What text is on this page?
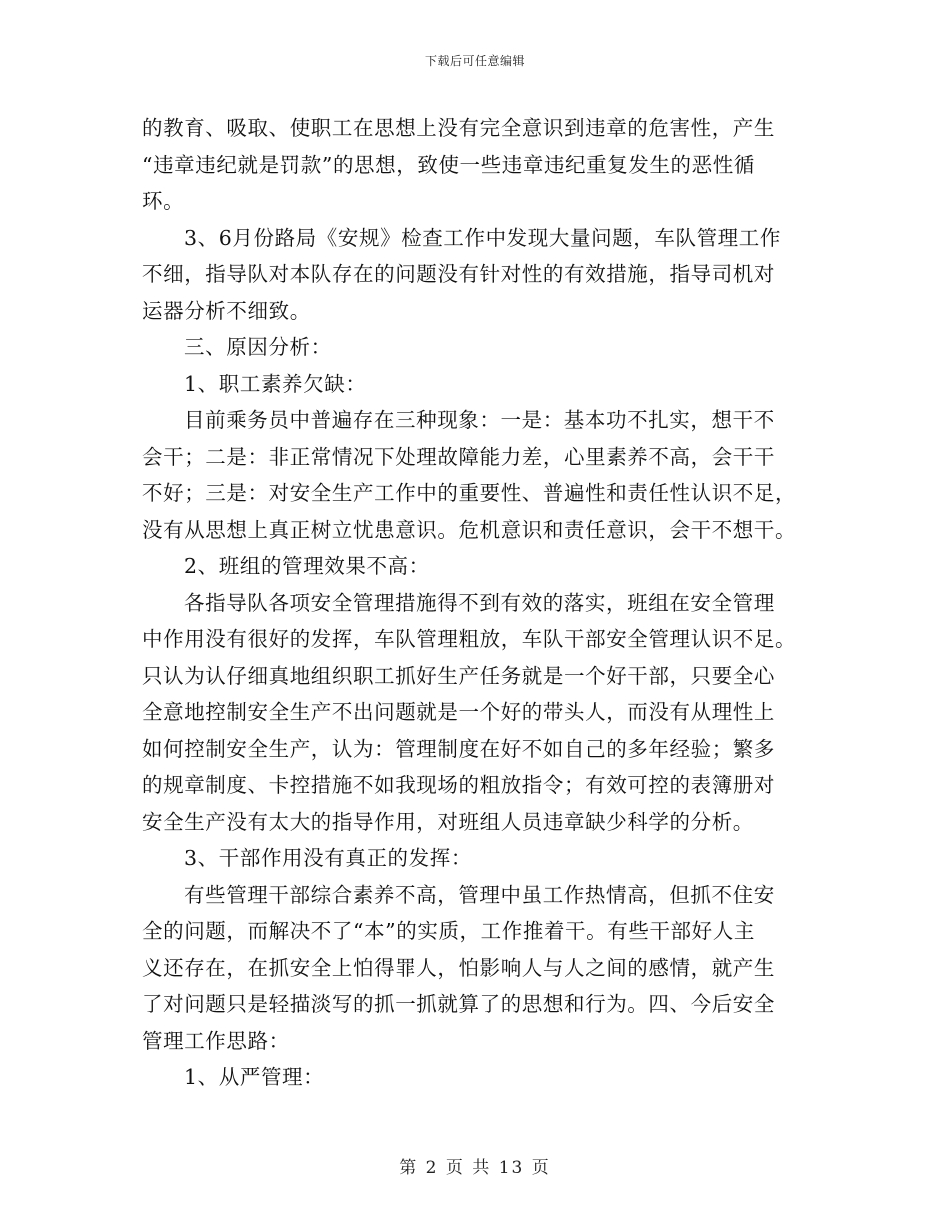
下载后可任意编辑
的教育、吸取、使职工在思想上没有完全意识到违章的危害性，产生
“违章违纪就是罚款”的思想，致使一些违章违纪重复发生的恶性循
环。
3、6月份路局《安规》检查工作中发现大量问题，车队管理工作
不细，指导队对本队存在的问题没有针对性的有效措施，指导司机对
运器分析不细致。
三、原因分析：
1、职工素养欠缺：
目前乘务员中普遍存在三种现象：一是：基本功不扎实，想干不
会干；二是：非正常情况下处理故障能力差，心里素养不高，会干干
不好；三是：对安全生产工作中的重要性、普遍性和责任性认识不足，
没有从思想上真正树立忧患意识。危机意识和责任意识，会干不想干。
2、班组的管理效果不高：
各指导队各项安全管理措施得不到有效的落实，班组在安全管理
中作用没有很好的发挥，车队管理粗放，车队干部安全管理认识不足。
只认为认仔细真地组织职工抓好生产任务就是一个好干部，只要全心
全意地控制安全生产不出问题就是一个好的带头人，而没有从理性上
如何控制安全生产，认为：管理制度在好不如自己的多年经验；繁多
的规章制度、卡控措施不如我现场的粗放指令；有效可控的表簿册对
安全生产没有太大的指导作用，对班组人员违章缺少科学的分析。
3、干部作用没有真正的发挥：
有些管理干部综合素养不高，管理中虽工作热情高，但抓不住安
全的问题，而解决不了“本”的实质，工作推着干。有些干部好人主
义还存在，在抓安全上怕得罪人，怕影响人与人之间的感情，就产生
了对问题只是轻描淡写的抓一抓就算了的思想和行为。四、今后安全
管理工作思路：
1、从严管理：
第 2 页 共 13 页
